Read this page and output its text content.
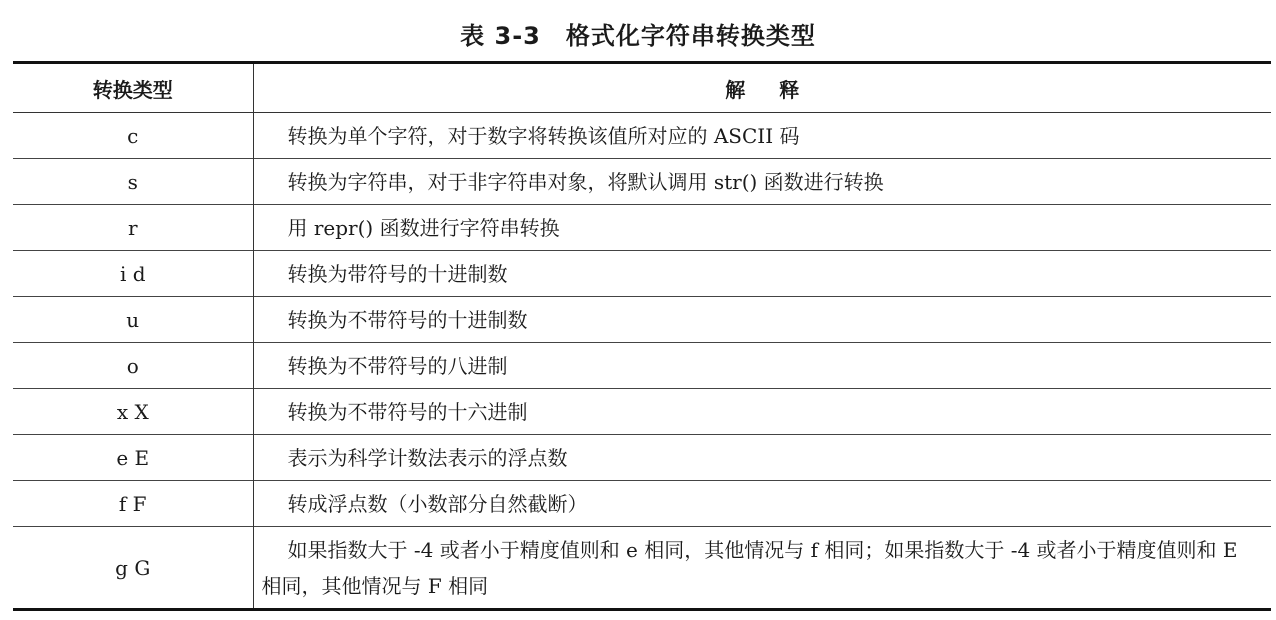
表 3-3　格式化字符串转换类型
转换类型	解释
c	转换为单个字符，对于数字将转换该值所对应的 ASCII 码
s	转换为字符串，对于非字符串对象，将默认调用 str() 函数进行转换
r	用 repr() 函数进行字符串转换
i d	转换为带符号的十进制数
u	转换为不带符号的十进制数
o	转换为不带符号的八进制
x X	转换为不带符号的十六进制
e E	表示为科学计数法表示的浮点数
f F	转成浮点数（小数部分自然截断）
g G	如果指数大于 -4 或者小于精度值则和 e 相同，其他情况与 f 相同；如果指数大于 -4 或者小于精度值则和 E 相同，其他情况与 F 相同
